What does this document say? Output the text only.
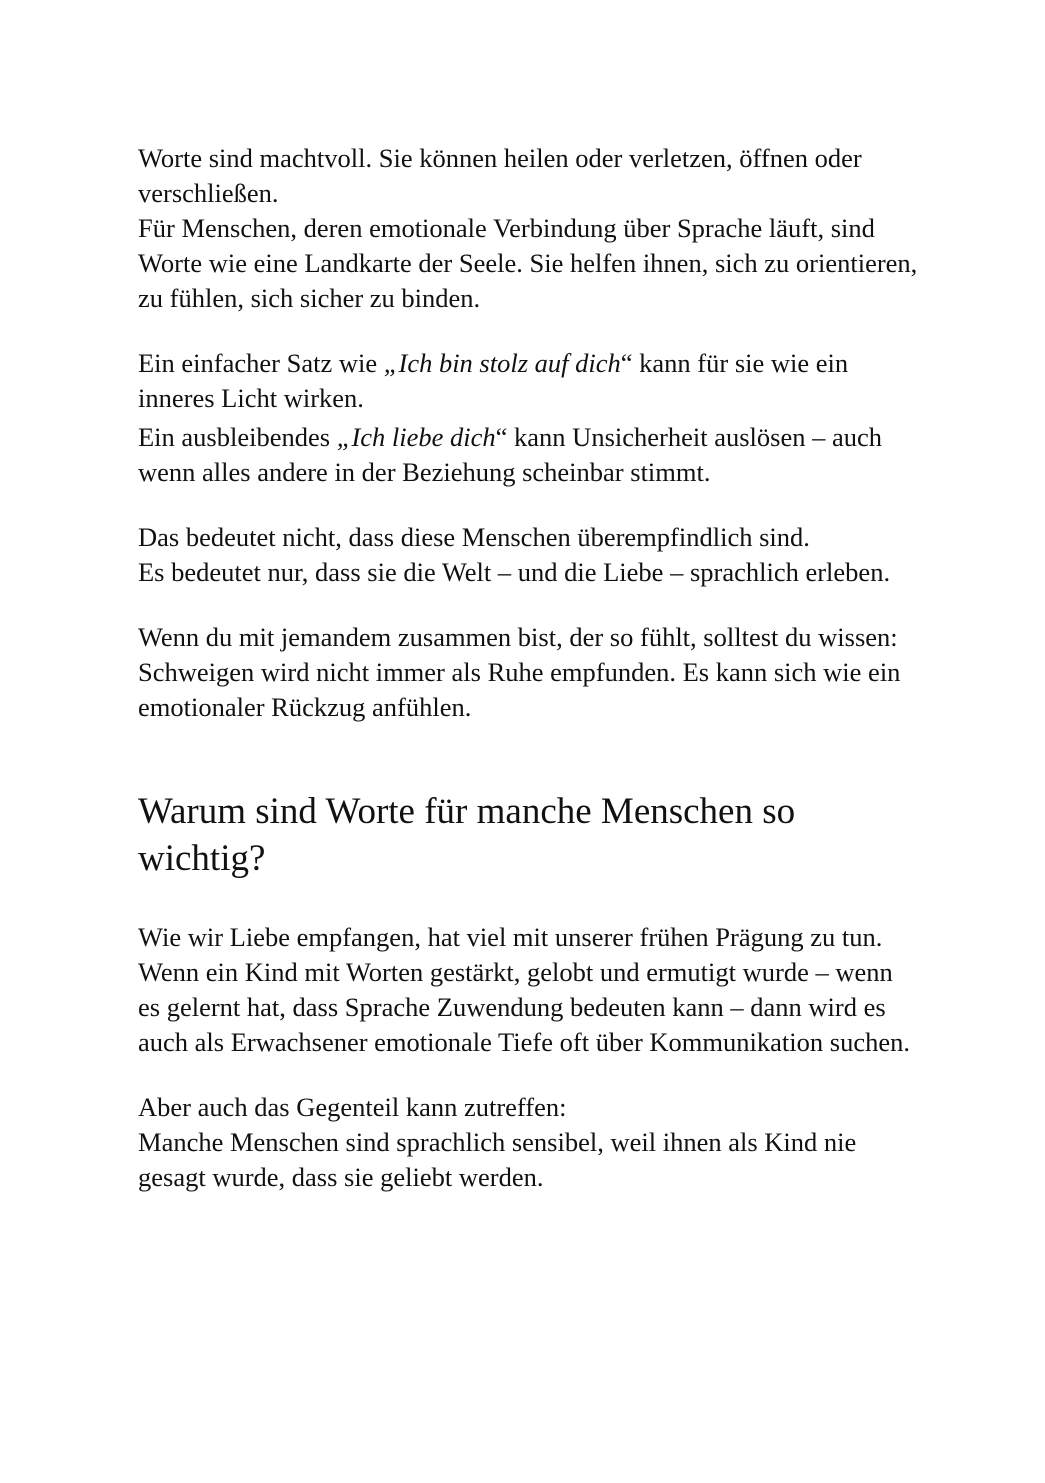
Worte sind machtvoll. Sie können heilen oder verletzen, öffnen oder verschließen.

Für Menschen, deren emotionale Verbindung über Sprache läuft, sind Worte wie eine Landkarte der Seele. Sie helfen ihnen, sich zu orientieren, zu fühlen, sich sicher zu binden.

Ein einfacher Satz wie „Ich bin stolz auf dich“ kann für sie wie ein inneres Licht wirken.

Ein ausbleibendes „Ich liebe dich“ kann Unsicherheit auslösen – auch wenn alles andere in der Beziehung scheinbar stimmt.

Das bedeutet nicht, dass diese Menschen überempfindlich sind.

Es bedeutet nur, dass sie die Welt – und die Liebe – sprachlich erleben.

Wenn du mit jemandem zusammen bist, der so fühlt, solltest du wissen:

Schweigen wird nicht immer als Ruhe empfunden. Es kann sich wie ein emotionaler Rückzug anfühlen.

Warum sind Worte für manche Menschen so wichtig?

Wie wir Liebe empfangen, hat viel mit unserer frühen Prägung zu tun.

Wenn ein Kind mit Worten gestärkt, gelobt und ermutigt wurde – wenn es gelernt hat, dass Sprache Zuwendung bedeuten kann – dann wird es auch als Erwachsener emotionale Tiefe oft über Kommunikation suchen.

Aber auch das Gegenteil kann zutreffen:

Manche Menschen sind sprachlich sensibel, weil ihnen als Kind nie gesagt wurde, dass sie geliebt werden.
